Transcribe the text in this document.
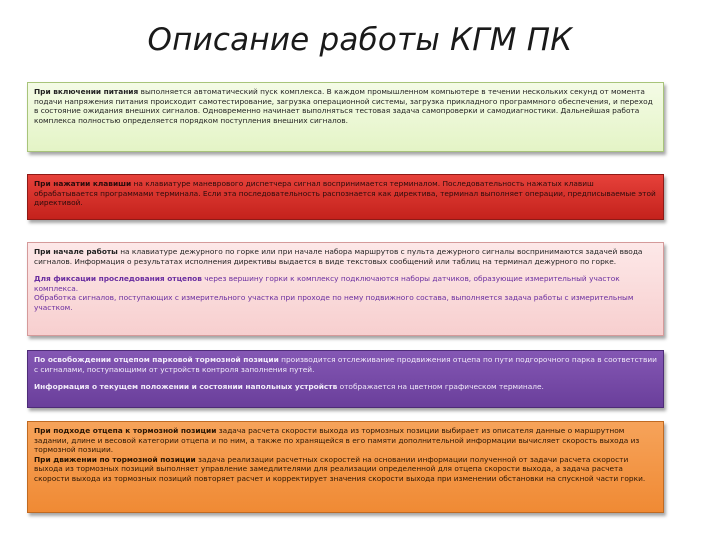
Описание работы КГМ ПК

При включении питания выполняется автоматический пуск комплекса. В каждом промышленном компьютере в течении нескольких секунд от момента подачи напряжения питания происходит самотестирование, загрузка операционной системы, загрузка прикладного программного обеспечения, и переход в состояние ожидания внешних сигналов. Одновременно начинает выполняться тестовая задача самопроверки и самодиагностики. Дальнейшая работа комплекса полностью определяется порядком поступления внешних сигналов.

При нажатии клавиши на клавиатуре маневрового диспетчера сигнал воспринимается терминалом. Последовательность нажатых клавиш обрабатывается программами терминала. Если эта последовательность распознается как директива, терминал выполняет операции, предписываемые этой директивой.

При начале работы на клавиатуре дежурного по горке или при начале набора маршрутов с пульта дежурного сигналы воспринимаются задачей ввода сигналов. Информация о результатах исполнения директивы выдается в виде текстовых сообщений или таблиц на терминал дежурного по горке.

Для фиксации проследования отцепов через вершину горки к комплексу подключаются наборы датчиков, образующие измерительный участок комплекса.

Обработка сигналов, поступающих с измерительного участка при проходе по нему подвижного состава, выполняется задача работы с измерительным участком.

По освобождении отцепом парковой тормозной позиции производится отслеживание продвижения отцепа по пути подгорочного парка в соответствии с сигналами, поступающими от устройств контроля заполнения путей.

Информация о текущем положении и состоянии напольных устройств отображается на цветном графическом терминале.

При подходе отцепа к тормозной позиции задача расчета скорости выхода из тормозных позиции выбирает из описателя данные о маршрутном задании, длине и весовой категории отцепа и по ним, а также по хранящейся в его памяти дополнительной информации вычисляет скорость выхода из тормозной позиции.

При движении по тормозной позиции задача реализации расчетных скоростей на основании информации полученной от задачи расчета скорости выхода из тормозных позиций выполняет управление замедлителями для реализации определенной для отцепа скорости выхода, а задача расчета скорости выхода из тормозных позиций повторяет расчет и корректирует значения скорости выхода при изменении обстановки на спускной части горки.
